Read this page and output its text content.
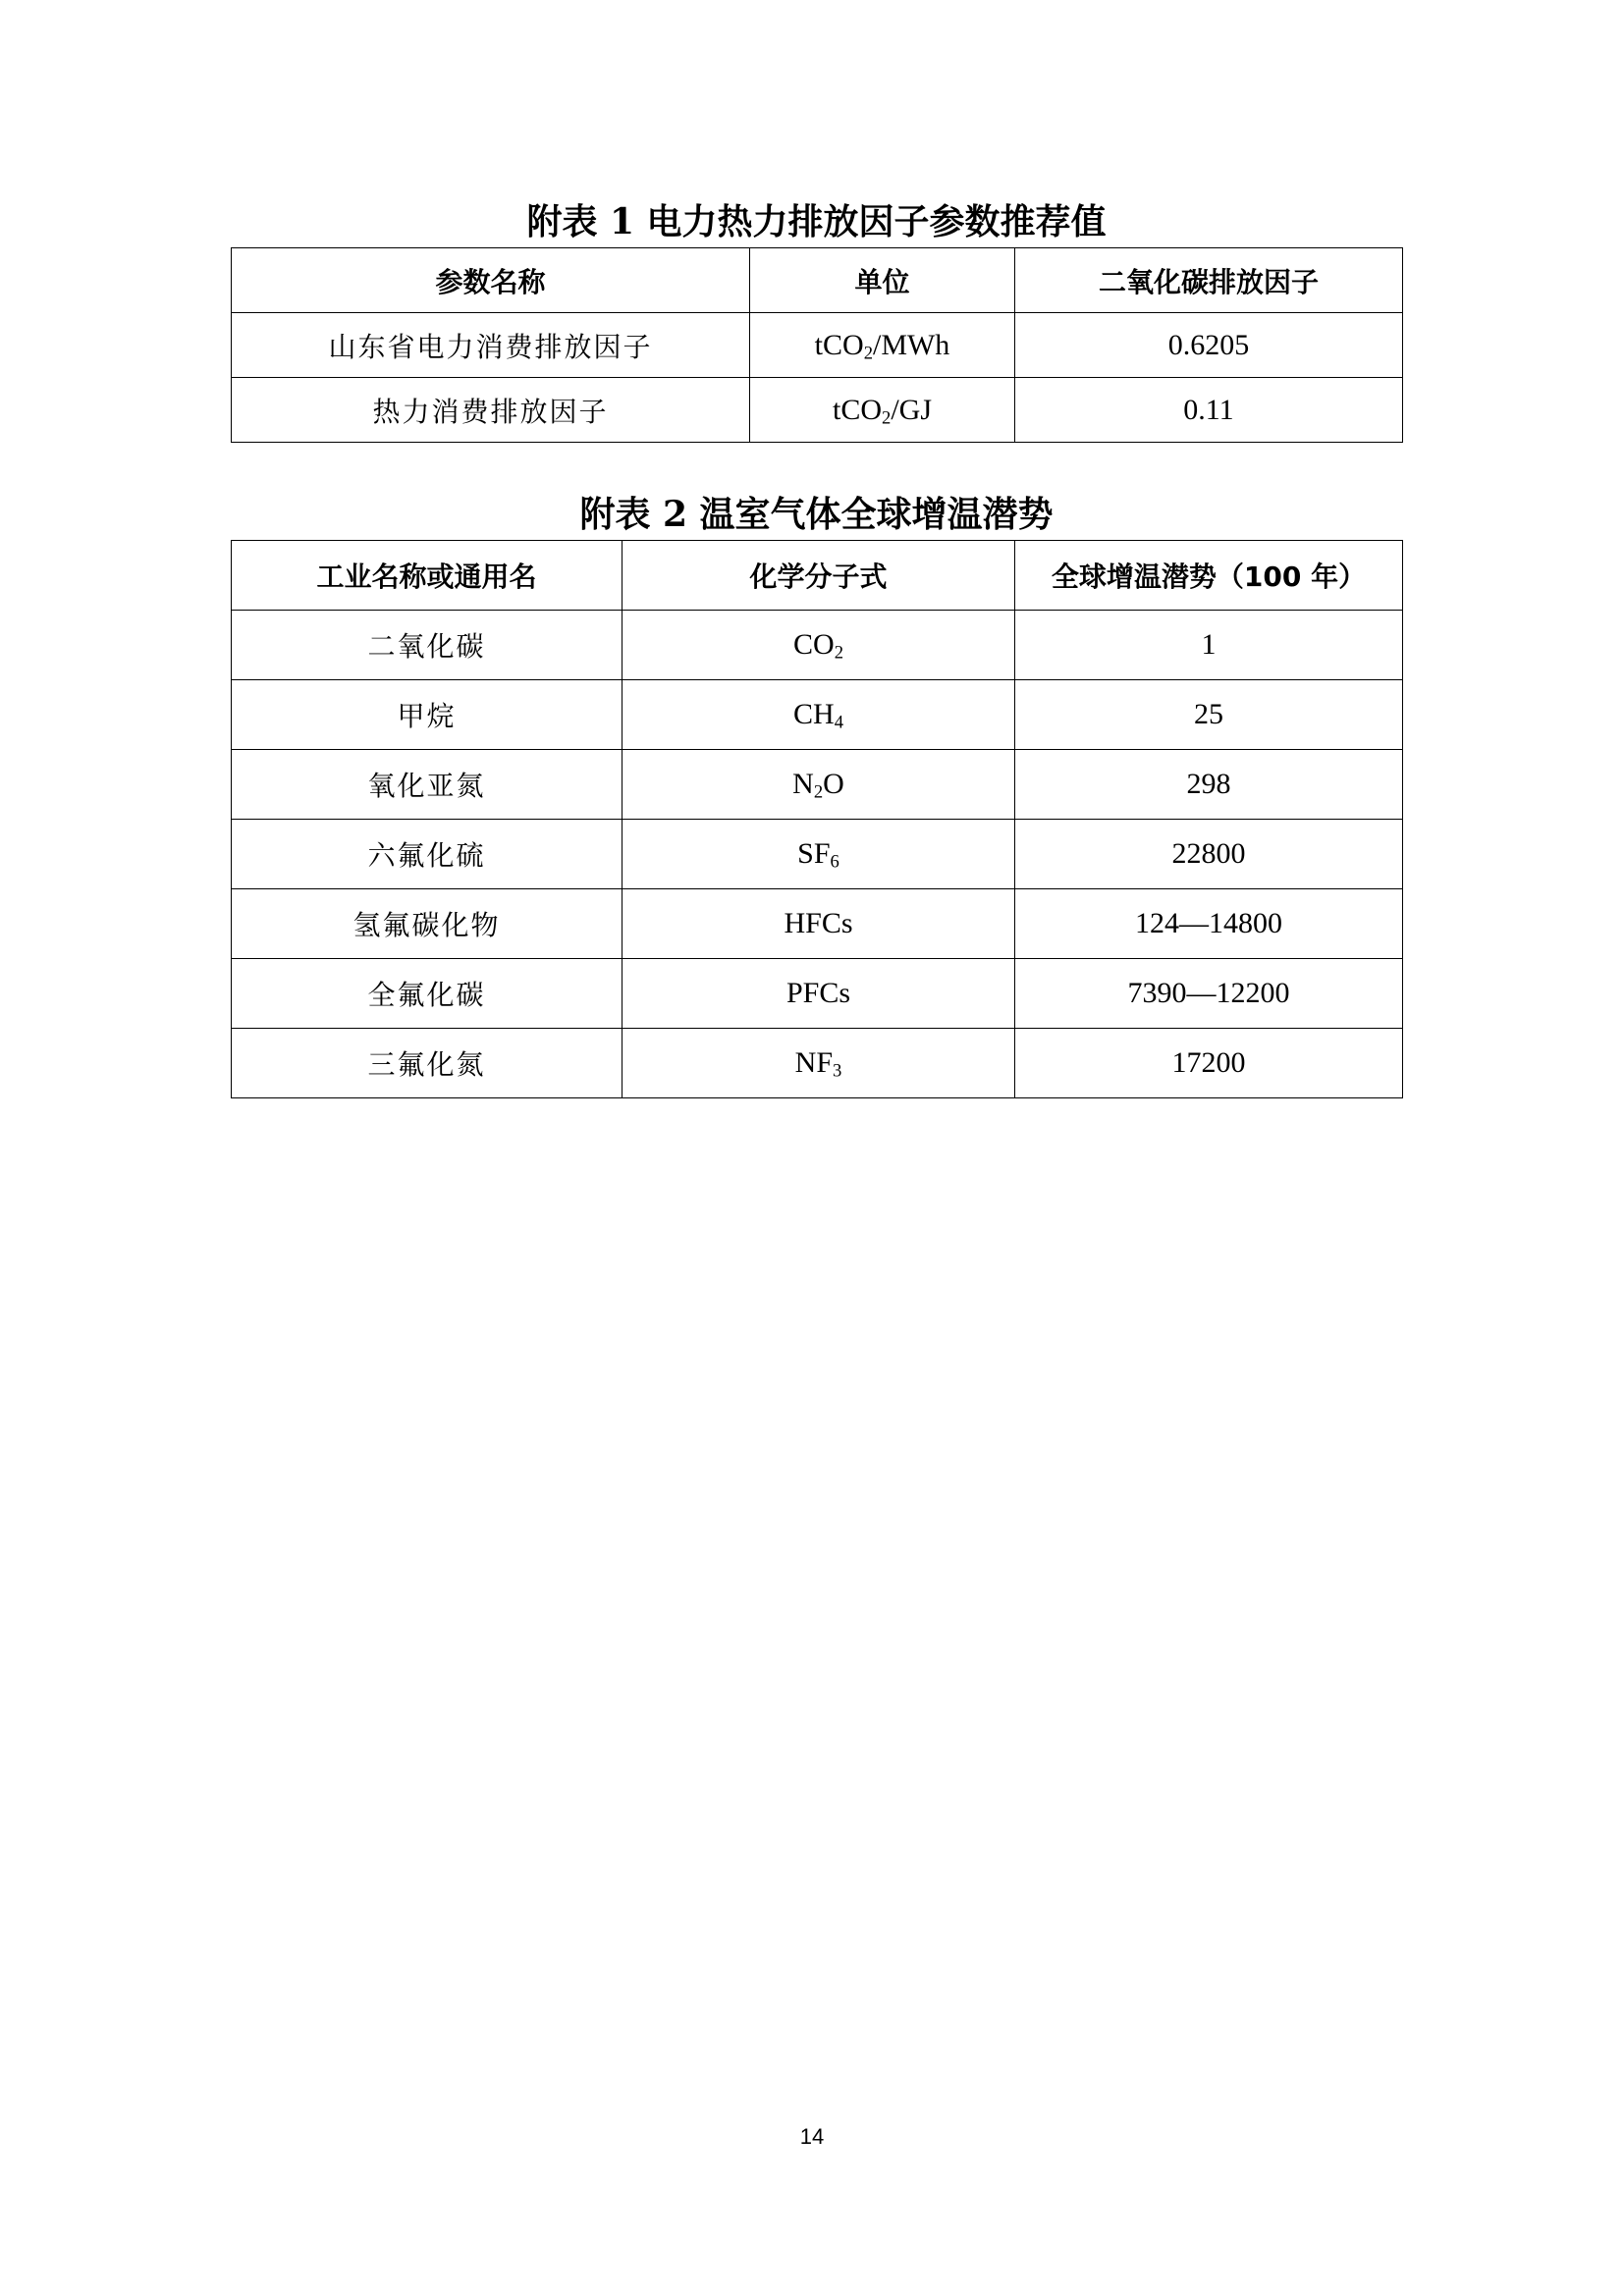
附表 1 电力热力排放因子参数推荐值
参数名称	单位	二氧化碳排放因子
山东省电力消费排放因子	tCO$_2$/MWh	0.6205
热力消费排放因子	tCO$_2$/GJ	0.11
附表 2 温室气体全球增温潜势
工业名称或通用名	化学分子式	全球增温潜势（100 年）
二氧化碳	$CO_2$	1
甲烷	$CH_4$	25
氧化亚氮	$N_2O$	298
六氟化硫	$SF_6$	22800
氢氟碳化物	HFCs	124—14800
全氟化碳	PFCs	7390—12200
三氟化氮	$NF_3$	17200
14
